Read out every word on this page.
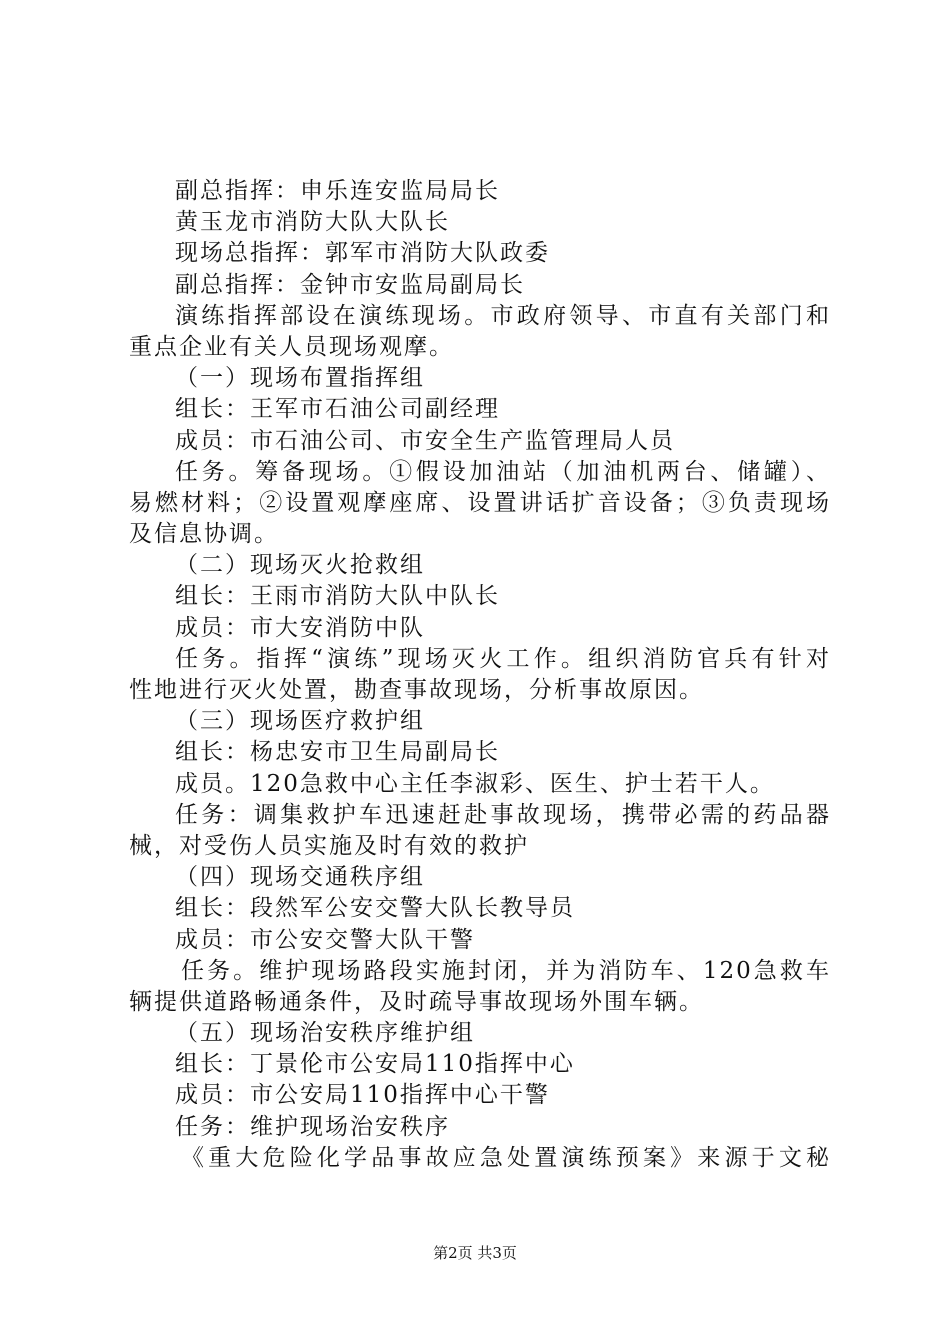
副总指挥：申乐连安监局局长
黄玉龙市消防大队大队长
现场总指挥：郭军市消防大队政委
副总指挥：金钟市安监局副局长
演练指挥部设在演练现场。市政府领导、市直有关部门和
重点企业有关人员现场观摩。
（一）现场布置指挥组
组长：王军市石油公司副经理
成员：市石油公司、市安全生产监管理局人员
任务。筹备现场。①假设加油站（加油机两台、储罐）、
易燃材料；②设置观摩座席、设置讲话扩音设备；③负责现场
及信息协调。
（二）现场灭火抢救组
组长：王雨市消防大队中队长
成员：市大安消防中队
任务。指挥“演练”现场灭火工作。组织消防官兵有针对
性地进行灭火处置，勘查事故现场，分析事故原因。
（三）现场医疗救护组
组长：杨忠安市卫生局副局长
成员。120急救中心主任李淑彩、医生、护士若干人。
任务：调集救护车迅速赶赴事故现场，携带必需的药品器
械，对受伤人员实施及时有效的救护
（四）现场交通秩序组
组长：段然军公安交警大队长教导员
成员：市公安交警大队干警
任务。维护现场路段实施封闭，并为消防车、120急救车
辆提供道路畅通条件，及时疏导事故现场外围车辆。
（五）现场治安秩序维护组
组长：丁景伦市公安局110指挥中心
成员：市公安局110指挥中心干警
任务：维护现场治安秩序
《重大危险化学品事故应急处置演练预案》来源于文秘
第2页 共3页
